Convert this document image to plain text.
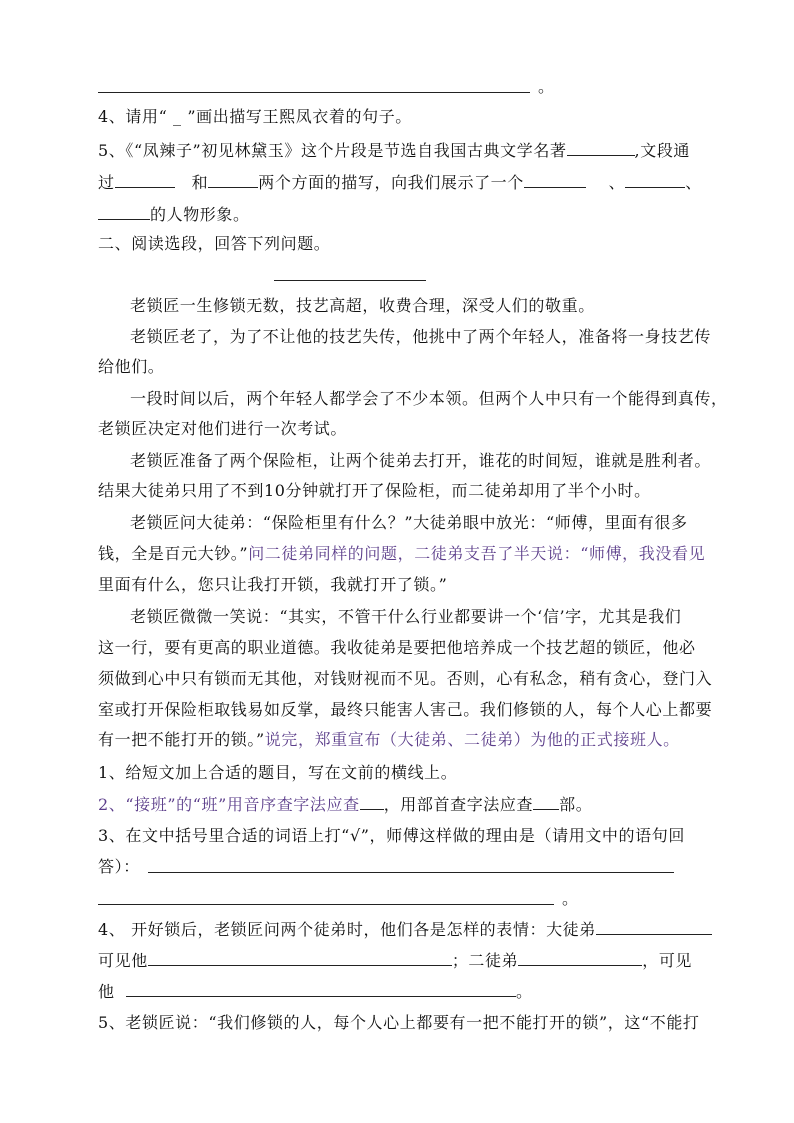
。
4、请用“ _ ”画出描写王熙凤衣着的句子。
5、《“凤辣子”初见林黛玉》这个片段是节选自我国古典文学名著	,文段通
过	和	两个方面的描写，向我们展示了一个	、	、
的人物形象。
二、阅读选段，回答下列问题。
老锁匠一生修锁无数，技艺高超，收费合理，深受人们的敬重。
老锁匠老了，为了不让他的技艺失传，他挑中了两个年轻人，准备将一身技艺传
给他们。
一段时间以后，两个年轻人都学会了不少本领。但两个人中只有一个能得到真传，
老锁匠决定对他们进行一次考试。
老锁匠准备了两个保险柜，让两个徒弟去打开，谁花的时间短，谁就是胜利者。
结果大徒弟只用了不到10分钟就打开了保险柜，而二徒弟却用了半个小时。
老锁匠问大徒弟：“保险柜里有什么？”大徒弟眼中放光：“师傅，里面有很多
钱，全是百元大钞。”问二徒弟同样的问题，二徒弟支吾了半天说：“师傅，我没看见
里面有什么，您只让我打开锁，我就打开了锁。”
老锁匠微微一笑说：“其实，不管干什么行业都要讲一个‘信’字，尤其是我们
这一行，要有更高的职业道德。我收徒弟是要把他培养成一个技艺超的锁匠，他必
须做到心中只有锁而无其他，对钱财视而不见。否则，心有私念，稍有贪心，登门入
室或打开保险柜取钱易如反掌，最终只能害人害己。我们修锁的人，每个人心上都要
有一把不能打开的锁。”说完，郑重宣布（大徒弟、二徒弟）为他的正式接班人。
1、给短文加上合适的题目，写在文前的横线上。
2、“接班”的“班”用音序查字法应查 ，用部首查字法应查 部。
3、在文中括号里合适的词语上打“√”，师傅这样做的理由是（请用文中的语句回
答）：
。
4、 开好锁后，老锁匠问两个徒弟时，他们各是怎样的表情：大徒弟
可见他	；二徒弟	，可见
他	。
5、老锁匠说：“我们修锁的人，每个人心上都要有一把不能打开的锁”，这“不能打
